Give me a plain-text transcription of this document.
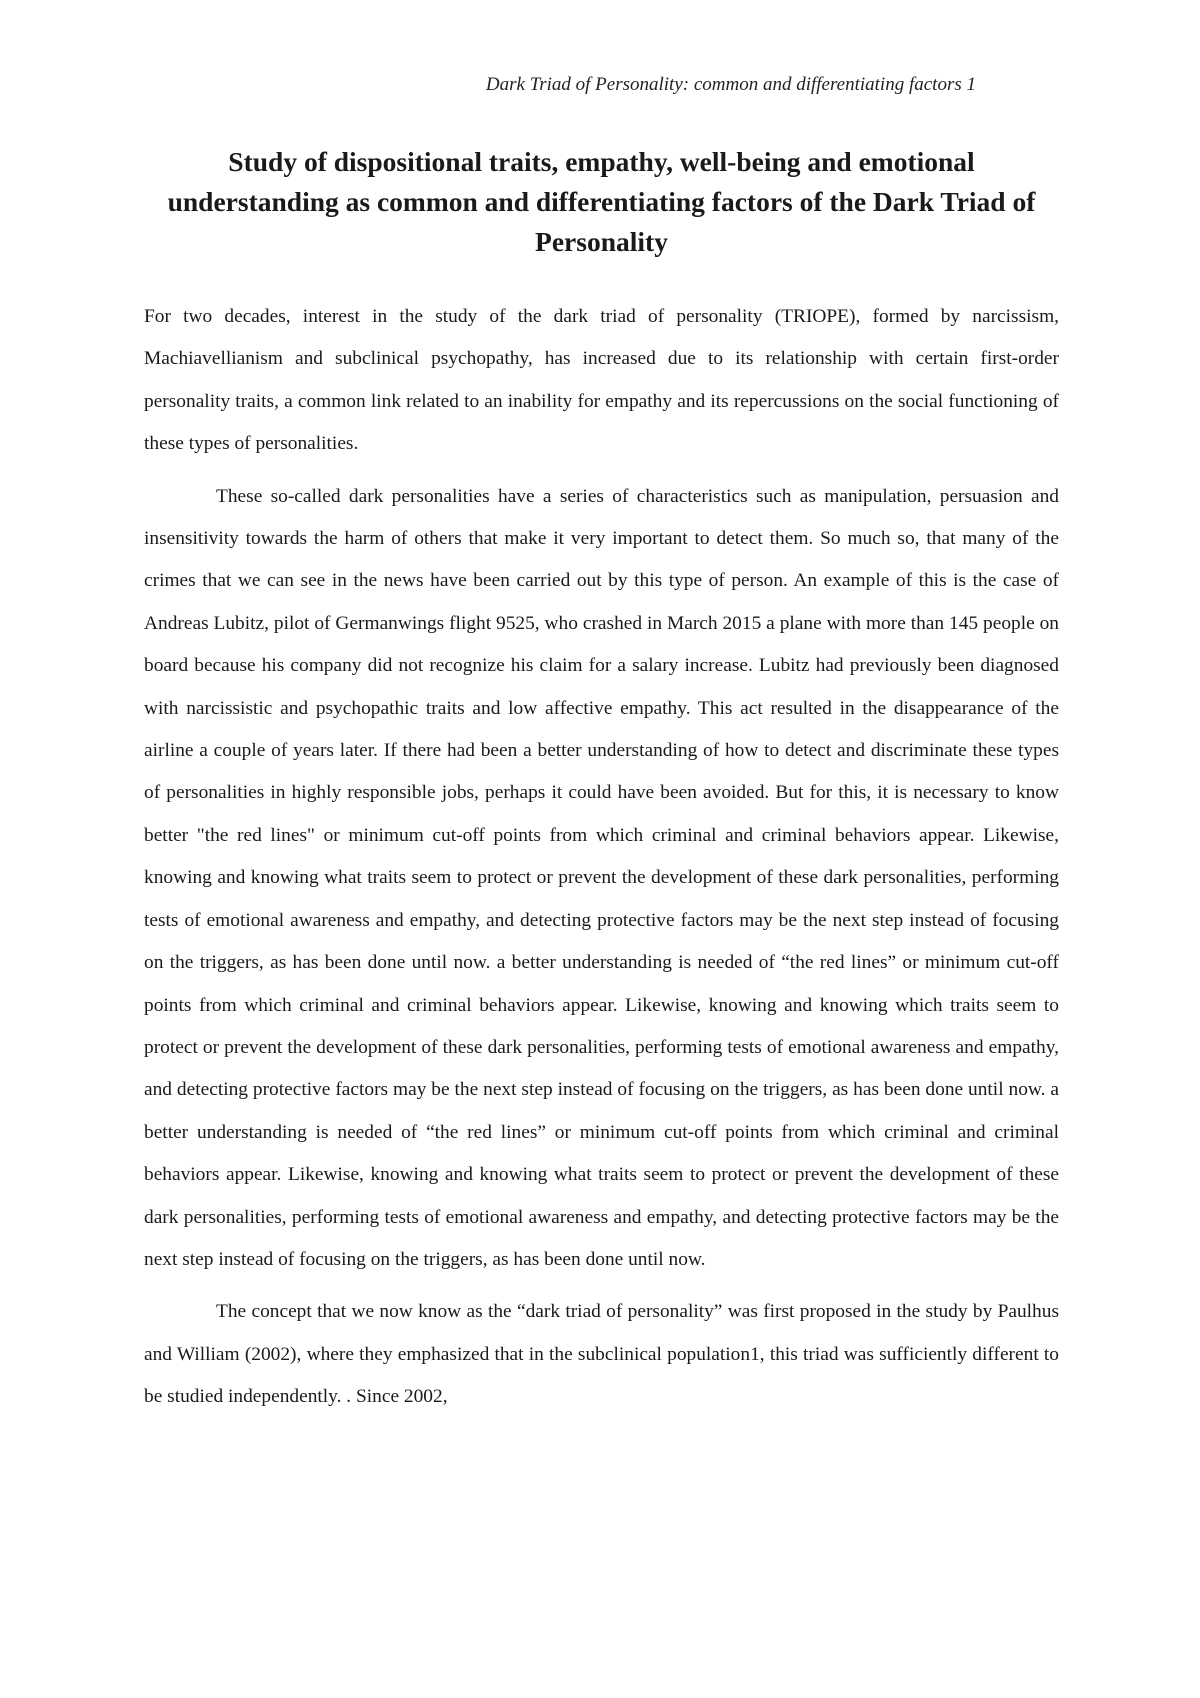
Dark Triad of Personality: common and differentiating factors 1
Study of dispositional traits, empathy, well-being and emotional understanding as common and differentiating factors of the Dark Triad of Personality

For two decades, interest in the study of the dark triad of personality (TRIOPE), formed by narcissism, Machiavellianism and subclinical psychopathy, has increased due to its relationship with certain first-order personality traits, a common link related to an inability for empathy and its repercussions on the social functioning of these types of personalities.

These so-called dark personalities have a series of characteristics such as manipulation, persuasion and insensitivity towards the harm of others that make it very important to detect them. So much so, that many of the crimes that we can see in the news have been carried out by this type of person. An example of this is the case of Andreas Lubitz, pilot of Germanwings flight 9525, who crashed in March 2015 a plane with more than 145 people on board because his company did not recognize his claim for a salary increase. Lubitz had previously been diagnosed with narcissistic and psychopathic traits and low affective empathy. This act resulted in the disappearance of the airline a couple of years later. If there had been a better understanding of how to detect and discriminate these types of personalities in highly responsible jobs, perhaps it could have been avoided. But for this, it is necessary to know better "the red lines" or minimum cut-off points from which criminal and criminal behaviors appear. Likewise, knowing and knowing what traits seem to protect or prevent the development of these dark personalities, performing tests of emotional awareness and empathy, and detecting protective factors may be the next step instead of focusing on the triggers, as has been done until now. a better understanding is needed of “the red lines” or minimum cut-off points from which criminal and criminal behaviors appear. Likewise, knowing and knowing which traits seem to protect or prevent the development of these dark personalities, performing tests of emotional awareness and empathy, and detecting protective factors may be the next step instead of focusing on the triggers, as has been done until now. a better understanding is needed of “the red lines” or minimum cut-off points from which criminal and criminal behaviors appear. Likewise, knowing and knowing what traits seem to protect or prevent the development of these dark personalities, performing tests of emotional awareness and empathy, and detecting protective factors may be the next step instead of focusing on the triggers, as has been done until now.

The concept that we now know as the “dark triad of personality” was first proposed in the study by Paulhus and William (2002), where they emphasized that in the subclinical population1, this triad was sufficiently different to be studied independently. . Since 2002,
